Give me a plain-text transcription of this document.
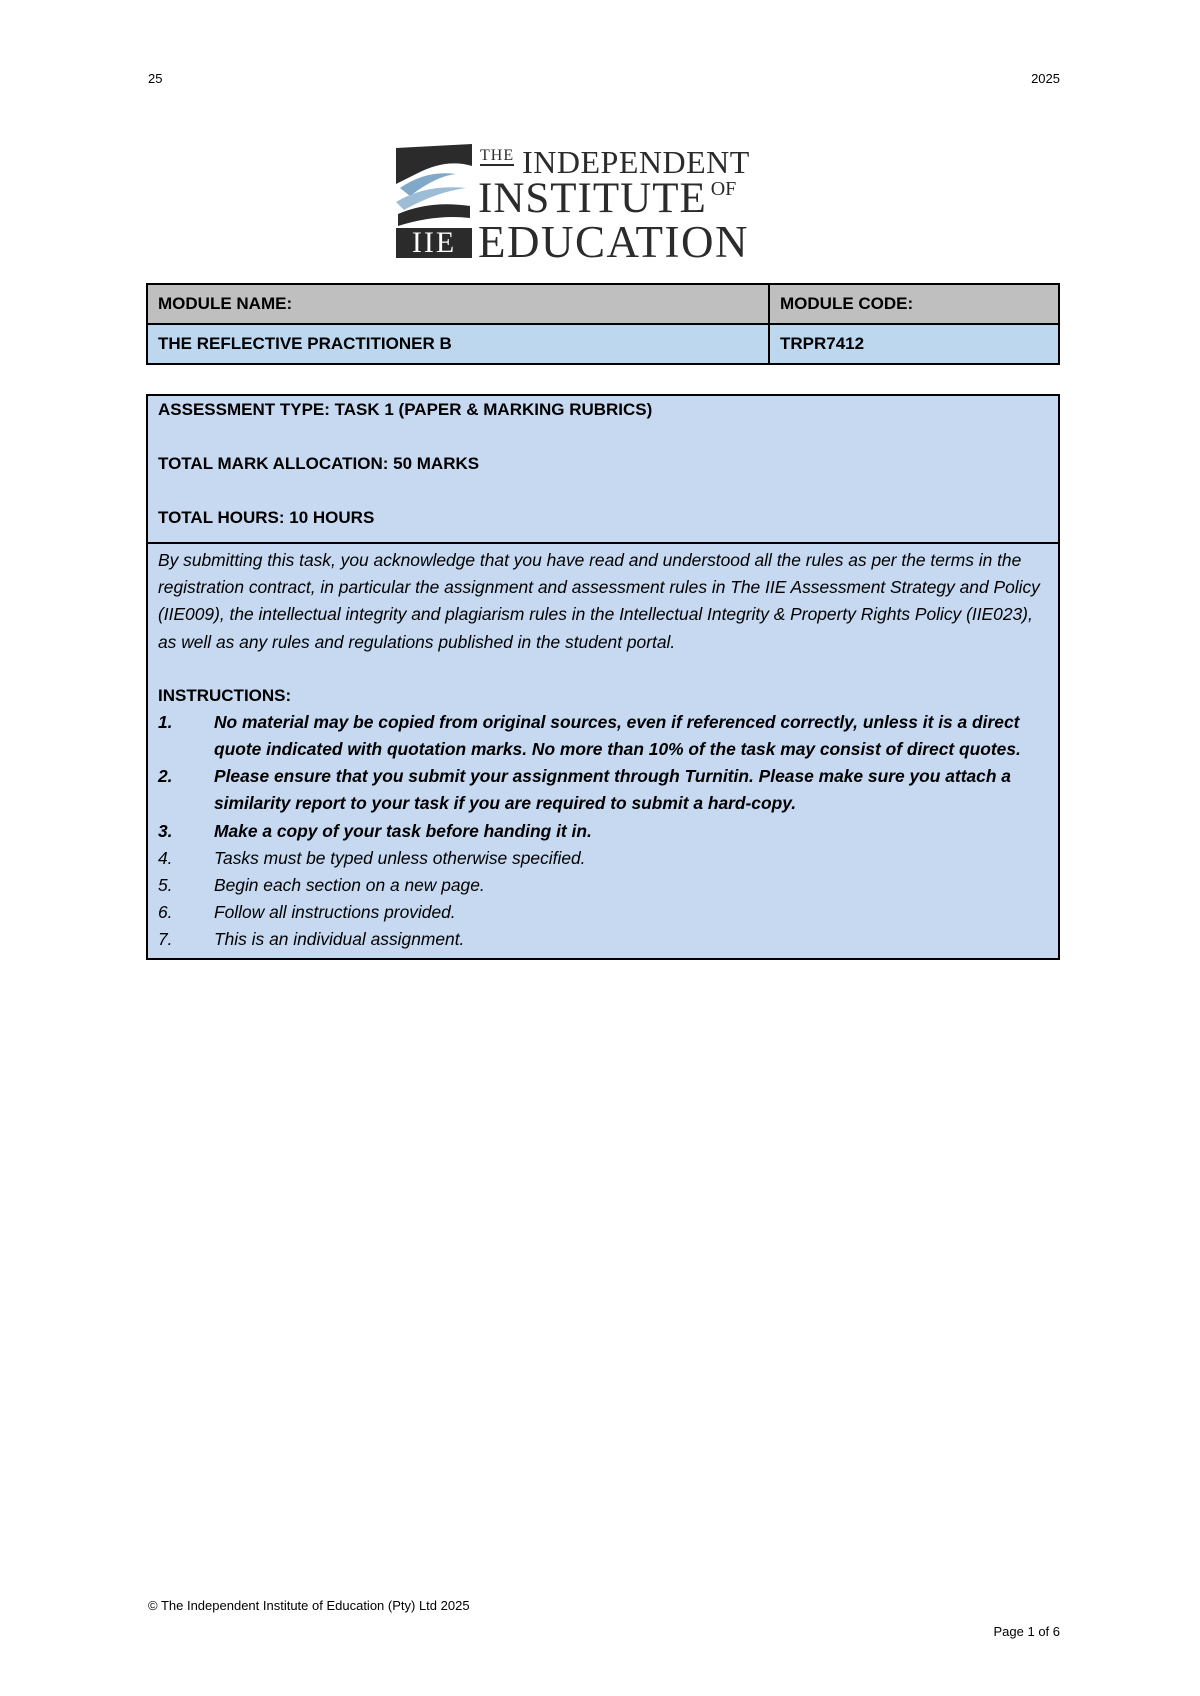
25	2025
THE INDEPENDENT
INSTITUTE OF
EDUCATION
IIE
MODULE NAME:	MODULE CODE:
THE REFLECTIVE PRACTITIONER B	TRPR7412
ASSESSMENT TYPE: TASK 1 (PAPER & MARKING RUBRICS)
TOTAL MARK ALLOCATION: 50 MARKS
TOTAL HOURS: 10 HOURS

By submitting this task, you acknowledge that you have read and understood all the rules as per the terms in the registration contract, in particular the assignment and assessment rules in The IIE Assessment Strategy and Policy (IIE009), the intellectual integrity and plagiarism rules in the Intellectual Integrity & Property Rights Policy (IIE023), as well as any rules and regulations published in the student portal.

INSTRUCTIONS:
1.	No material may be copied from original sources, even if referenced correctly, unless it is a direct quote indicated with quotation marks. No more than 10% of the task may consist of direct quotes.
2.	Please ensure that you submit your assignment through Turnitin. Please make sure you attach a similarity report to your task if you are required to submit a hard-copy.
3.	Make a copy of your task before handing it in.
4.	Tasks must be typed unless otherwise specified.
5.	Begin each section on a new page.
6.	Follow all instructions provided.
7.	This is an individual assignment.
© The Independent Institute of Education (Pty) Ltd 2025
Page 1 of 6
